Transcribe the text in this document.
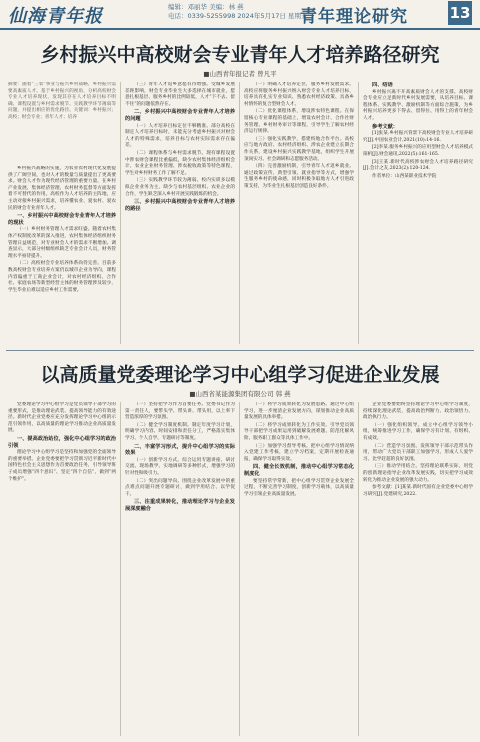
仙海青年报	编辑：邓丽华 美编：林 燕
电话：0339-5255998 2024年5月17日 星期五
青年理论研究	13
乡村振兴中高校财会专业青年人才培养路径研究
■山西青年报记者 曾凡平
摘要：随着“三农”事业与振兴乡村战略，乡村振兴需要高素质人才。基于乡村振兴的视角，分析高校财会专业人才培养现状，发现其存在人才培养目标不明确、课程设置与乡村需求脱节、实践教学环节薄弱等问题，并提出相应的优化路径。关键词：乡村振兴；高校；财会专业；青年人才；培养

乡村振兴战略的实施，为农业农村现代化发展提供了广阔空间，也对人才的数量与质量提出了更高要求。财会人才作为现代经济管理的重要力量，在乡村产业发展、集体经济管理、农村财务监督等方面发挥着不可替代的作用。高校作为人才培养的主阵地，应主动对接乡村振兴需求，培养懂农业、爱农村、爱农民的财会专业青年人才。

一、乡村振兴中高校财会专业青年人才培养的现状

（一）乡村财务管理人才需求旺盛。随着农村集体产权制度改革的深入推进，农村集体经济组织财务管理日益规范，对专业财会人才的需求不断增加。调查显示，大部分村级组织缺乏专业会计人员，财务管理水平亟待提升。

（二）高校财会专业培养体系尚待完善。目前多数高校财会专业培养方案仍以城市企业为导向，课程内容偏重于工商企业会计，对农村经济组织、合作社、家庭农场等新型经营主体的财务管理涉及较少，学生毕业后难以适应乡村工作需要。

（三）青年人才返乡意愿有待增强。受城乡发展差距影响，财会专业毕业生大多选择在城市就业，愿意扎根基层、服务乡村的比例较低，人才“下不去、留不住”的问题依然存在。

二、乡村振兴中高校财会专业青年人才培养的问题

（一）人才培养目标定位不够精准。部分高校在制定人才培养目标时，未能充分考虑乡村振兴对财会人才的特殊需求，培养目标与农村实际需求存在偏差。

（二）课程体系与乡村需求脱节。现有课程设置中涉农财会课程比重偏低，缺少农村集体经济组织会计、农业企业财务管理、涉农税收政策等特色课程，学生对乡村财务工作了解不足。

（三）实践教学环节较为薄弱。校内实训多以模拟企业业务为主，缺少与农村基层组织、农业企业的合作，学生缺乏深入乡村开展实践锻炼的机会。

三、乡村振兴中高校财会专业青年人才培养的路径

（一）明确人才培养定位，服务乡村发展需求。高校应将服务乡村振兴纳入财会专业人才培养目标，培养具有扎实专业知识、熟悉农村经济政策、具备乡村情怀的复合型财会人才。

（二）优化课程体系，增设涉农特色课程。在保留核心专业课程的基础上，增设农村会计、合作社财务管理、乡村财务审计等课程，引导学生了解农村经济运行规律。

（三）强化实践教学，搭建校地合作平台。高校应与地方政府、农村经济组织、涉农企业建立长期合作关系，建设乡村振兴实践教学基地，组织学生开展顶岗实习、社会调研和志愿服务活动。

（四）完善激励机制，引导青年人才返乡就业。通过政策宣传、典型引领、就业指导等方式，增强学生服务乡村的使命感，同时积极争取地方人才引进政策支持，为毕业生扎根基层创造良好条件。

四、结语

乡村振兴离不开高素质财会人才的支撑。高校财会专业应立足新时代乡村发展需要，从培养目标、课程体系、实践教学、激励机制等方面综合施策，为乡村振兴培养更多下得去、留得住、用得上的青年财会人才。

参考文献：

[1]张某.乡村振兴背景下高校财会专业人才培养研究[J].中国农业会计,2021(10):14-16.

[2]李某.服务乡村振兴的应用型财会人才培养模式探析[J].财会通讯,2022(5):161-165.

[3]王某.新时代高校涉农财会人才培养路径研究[J].会计之友,2023(2):120-124.

作者单位：山西某职业技术学院

以高质量党委理论学习中心组学习促进企业发展
■山西省某能源集团有限公司 韩 燕

党委理论学习中心组学习是党员领导干部学习的重要形式，是推动理论武装、提高领导能力的有效途径。新时代企业党委应充分发挥理论学习中心组的示范引领作用，以高质量的理论学习推动企业高质量发展。

一、提高政治站位，强化中心组学习的政治引领

理论学习中心组学习是坚持和加强党的全面领导的重要举措。企业党委要把学习贯彻习近平新时代中国特色社会主义思想作为首要政治任务，引导领导班子成员增强“四个意识”、坚定“四个自信”、做到“两个维护”。

（一）坚持把学习作为首要任务。党委书记作为第一责任人，要带头学、带头讲、带头用，以上率下营造浓厚的学习氛围。

（二）健全学习制度机制。制定年度学习计划，明确学习内容、时间安排和责任分工，严格落实集体学习、个人自学、专题研讨等制度。

二、丰富学习形式，提升中心组学习的实际效果

（一）创新学习方式。综合运用专题讲座、研讨交流、现场教学、实地调研等多种形式，增强学习的针对性和吸引力。

（二）突出问题导向。围绕企业改革发展中的重点难点问题开展专题研讨，做到学用结合、以学促干。

三、注重成果转化，推动理论学习与企业发展深度融合

（一）将学习成果转化为发展思路。通过中心组学习，进一步厘清企业发展方向，谋划推动企业高质量发展的具体举措。

（二）将学习成果转化为工作实效。引导党员领导干部把学习成果运用到破解发展难题、防范化解风险、服务职工群众等具体工作中。

（三）加强学习督导考核。把中心组学习情况纳入党建工作考核，建立学习档案，定期开展检查通报，确保学习取得实效。

四、健全长效机制，推动中心组学习常态化制度化

要坚持常学常新，把中心组学习贯穿企业发展全过程，不断完善学习制度，创新学习载体，以高质量学习引领企业高质量发展。

企业党委要始终坚持理论学习中心组学习制度，持续深化理论武装，提高政治判断力、政治领悟力、政治执行力。

（一）强化组织领导。成立中心组学习领导小组，统筹推进学习工作，确保学习有计划、有组织、有成效。

（二）营造学习氛围。发挥领导干部示范带头作用，带动广大党员干部职工加强学习，形成人人爱学习、比学赶超的良好氛围。

（三）推动学用结合。坚持理论联系实际，用党的创新理论指导企业改革发展实践，切实把学习成效转化为推动企业发展的强大动力。

参考文献：[1]某某.新时代国有企业党委中心组学习研究[J].党建研究,2022.
